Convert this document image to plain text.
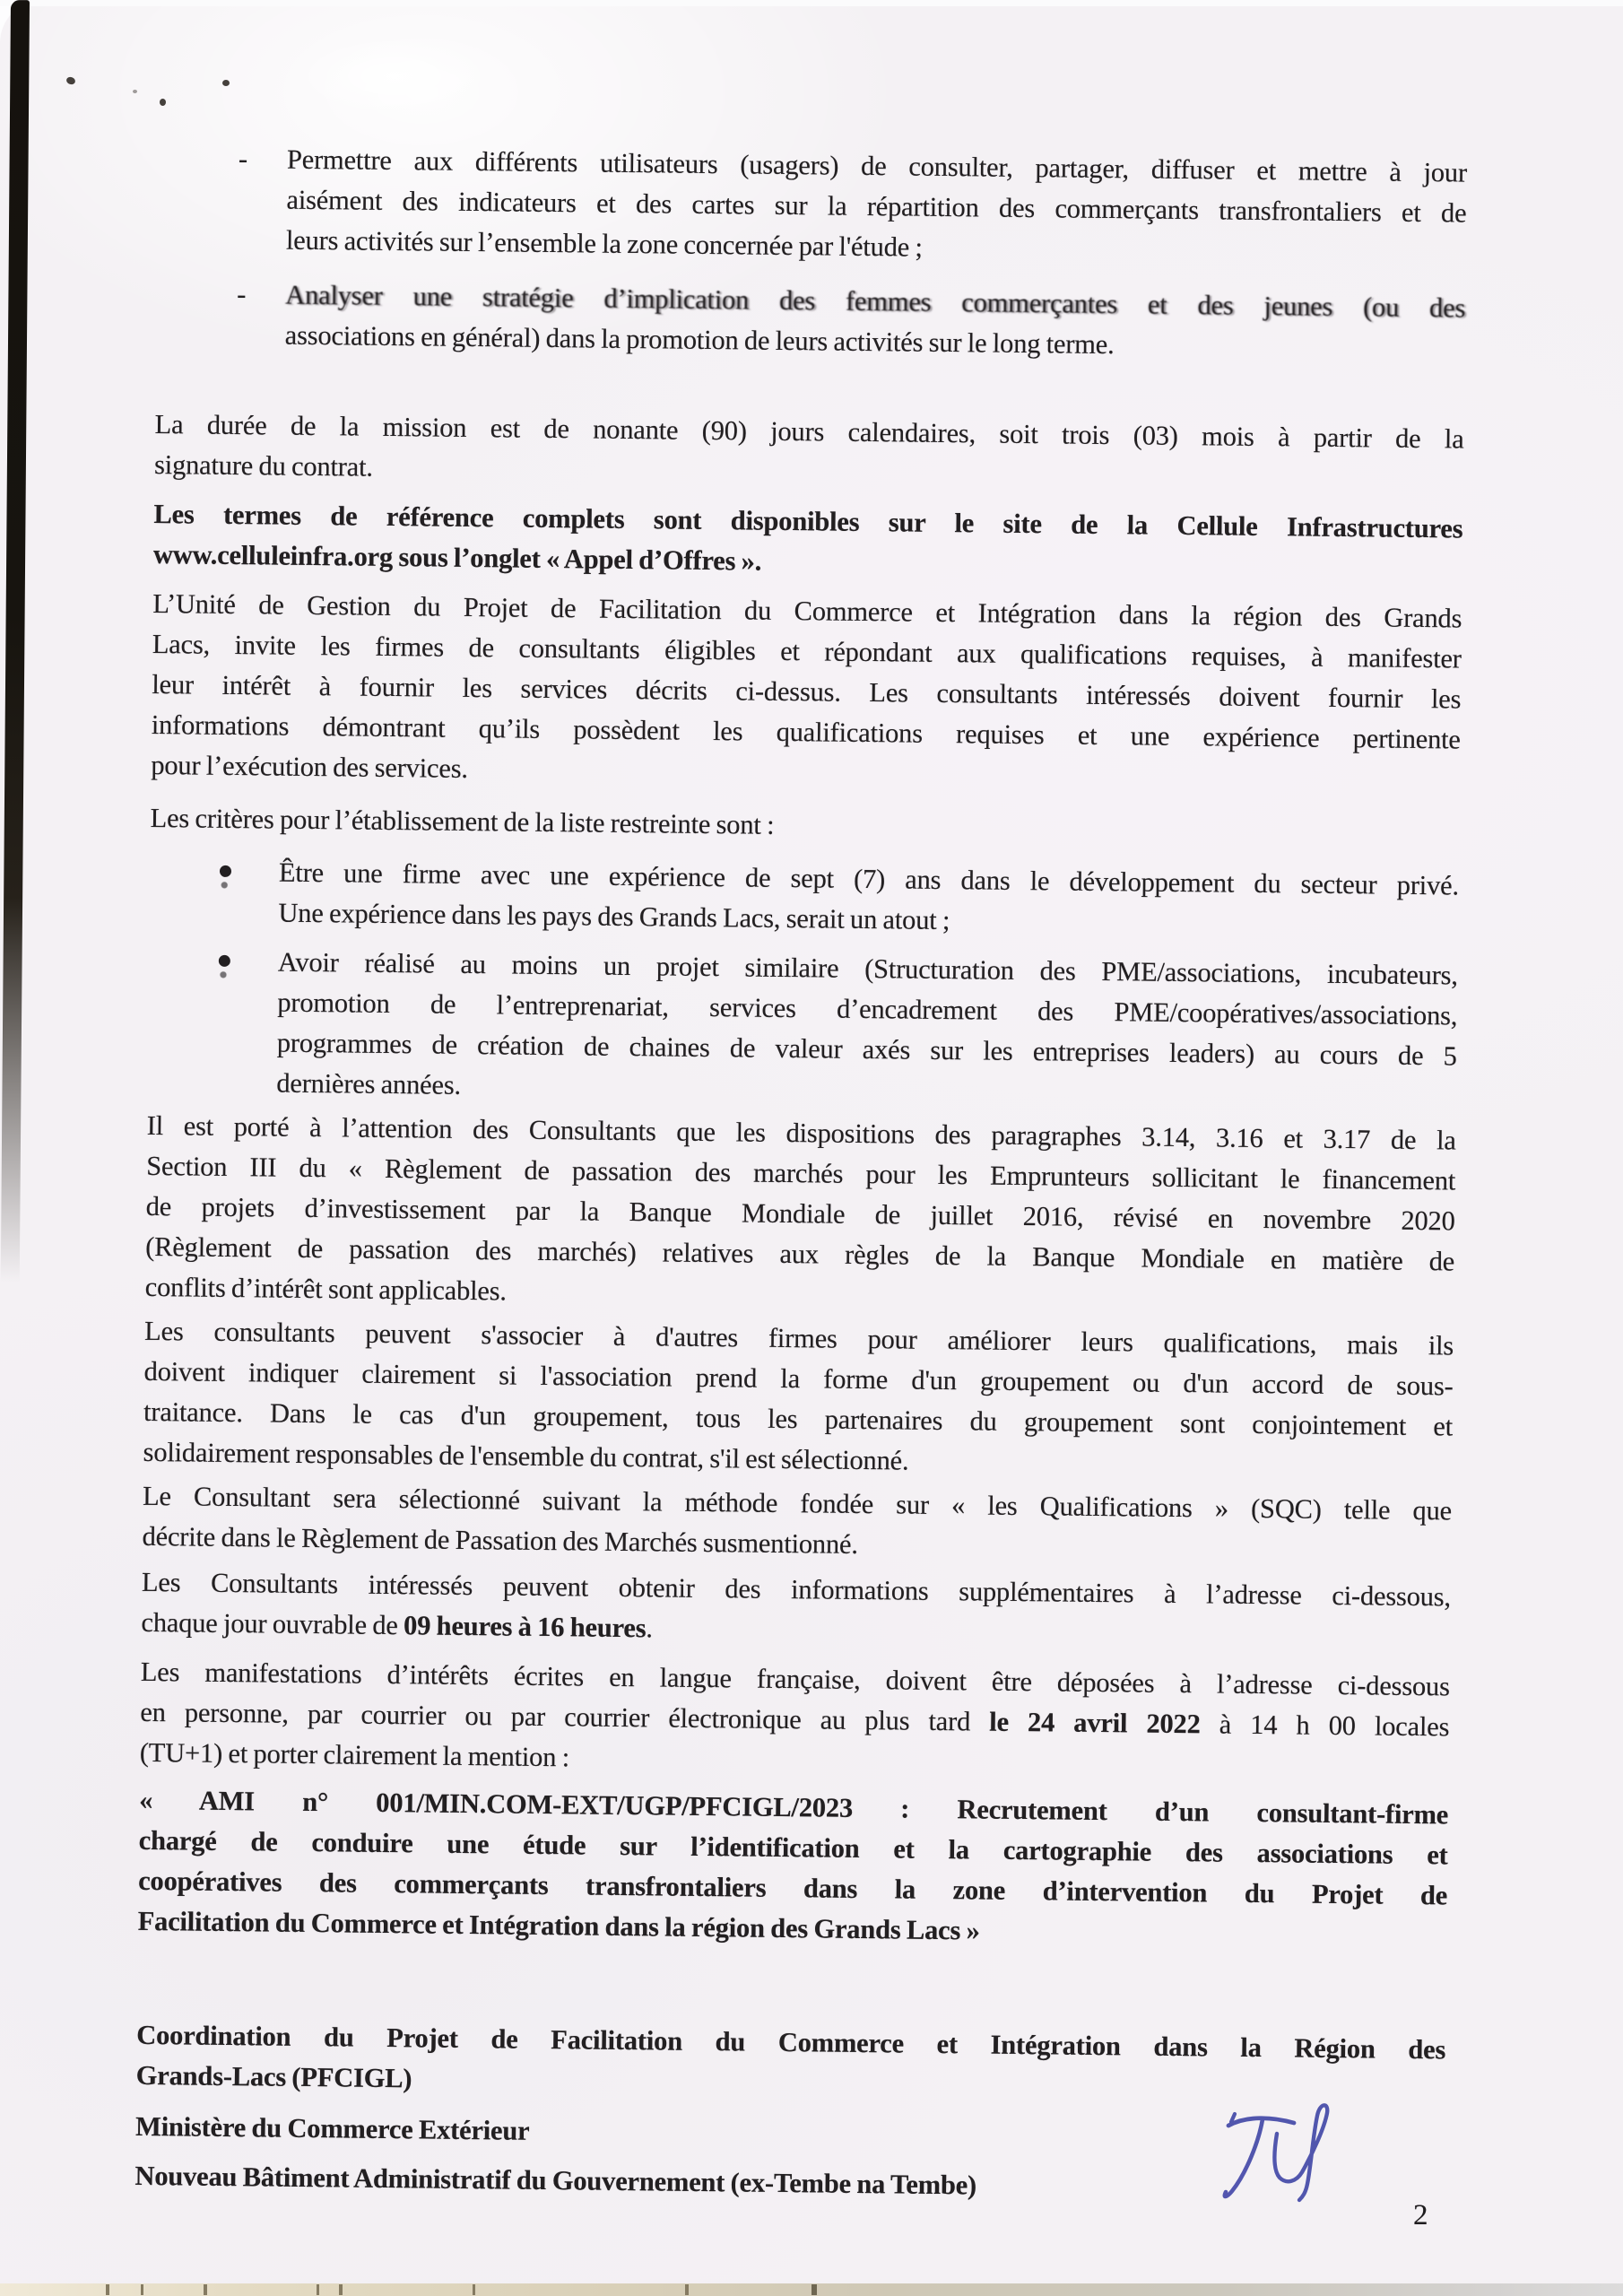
- Permettre aux différents utilisateurs (usagers) de consulter, partager, diffuser et mettre à jour
aisément des indicateurs et des cartes sur la répartition des commerçants transfrontaliers et de
leurs activités sur l’ensemble la zone concernée par l'étude ;
- Analyser une stratégie d’implication des femmes commerçantes et des jeunes (ou des
associations en général) dans la promotion de leurs activités sur le long terme.
La durée de la mission est de nonante (90) jours calendaires, soit trois (03) mois à partir de la
signature du contrat.
Les termes de référence complets sont disponibles sur le site de la Cellule Infrastructures
www.celluleinfra.org sous l’onglet « Appel d’Offres ».
L’Unité de Gestion du Projet de Facilitation du Commerce et Intégration dans la région des Grands
Lacs, invite les firmes de consultants éligibles et répondant aux qualifications requises, à manifester
leur intérêt à fournir les services décrits ci-dessus. Les consultants intéressés doivent fournir les
informations démontrant qu’ils possèdent les qualifications requises et une expérience pertinente
pour l’exécution des services.
Les critères pour l’établissement de la liste restreinte sont :
• Être une firme avec une expérience de sept (7) ans dans le développement du secteur privé.
Une expérience dans les pays des Grands Lacs, serait un atout ;
• Avoir réalisé au moins un projet similaire (Structuration des PME/associations, incubateurs,
promotion de l’entreprenariat, services d’encadrement des PME/coopératives/associations,
programmes de création de chaines de valeur axés sur les entreprises leaders) au cours de 5
dernières années.
Il est porté à l’attention des Consultants que les dispositions des paragraphes 3.14, 3.16 et 3.17 de la
Section III du « Règlement de passation des marchés pour les Emprunteurs sollicitant le financement
de projets d’investissement par la Banque Mondiale de juillet 2016, révisé en novembre 2020
(Règlement de passation des marchés) relatives aux règles de la Banque Mondiale en matière de
conflits d’intérêt sont applicables.
Les consultants peuvent s'associer à d'autres firmes pour améliorer leurs qualifications, mais ils
doivent indiquer clairement si l'association prend la forme d'un groupement ou d'un accord de sous-
traitance. Dans le cas d'un groupement, tous les partenaires du groupement sont conjointement et
solidairement responsables de l'ensemble du contrat, s'il est sélectionné.
Le Consultant sera sélectionné suivant la méthode fondée sur « les Qualifications » (SQC) telle que
décrite dans le Règlement de Passation des Marchés susmentionné.
Les Consultants intéressés peuvent obtenir des informations supplémentaires à l’adresse ci-dessous,
chaque jour ouvrable de 09 heures à 16 heures.
Les manifestations d’intérêts écrites en langue française, doivent être déposées à l’adresse ci-dessous
en personne, par courrier ou par courrier électronique au plus tard le 24 avril 2022 à 14 h 00 locales
(TU+1) et porter clairement la mention :
« AMI n° 001/MIN.COM-EXT/UGP/PFCIGL/2023 : Recrutement d’un consultant-firme
chargé de conduire une étude sur l’identification et la cartographie des associations et
coopératives des commerçants transfrontaliers dans la zone d’intervention du Projet de
Facilitation du Commerce et Intégration dans la région des Grands Lacs »
Coordination du Projet de Facilitation du Commerce et Intégration dans la Région des
Grands-Lacs (PFCIGL)
Ministère du Commerce Extérieur
Nouveau Bâtiment Administratif du Gouvernement (ex-Tembe na Tembe)
2
